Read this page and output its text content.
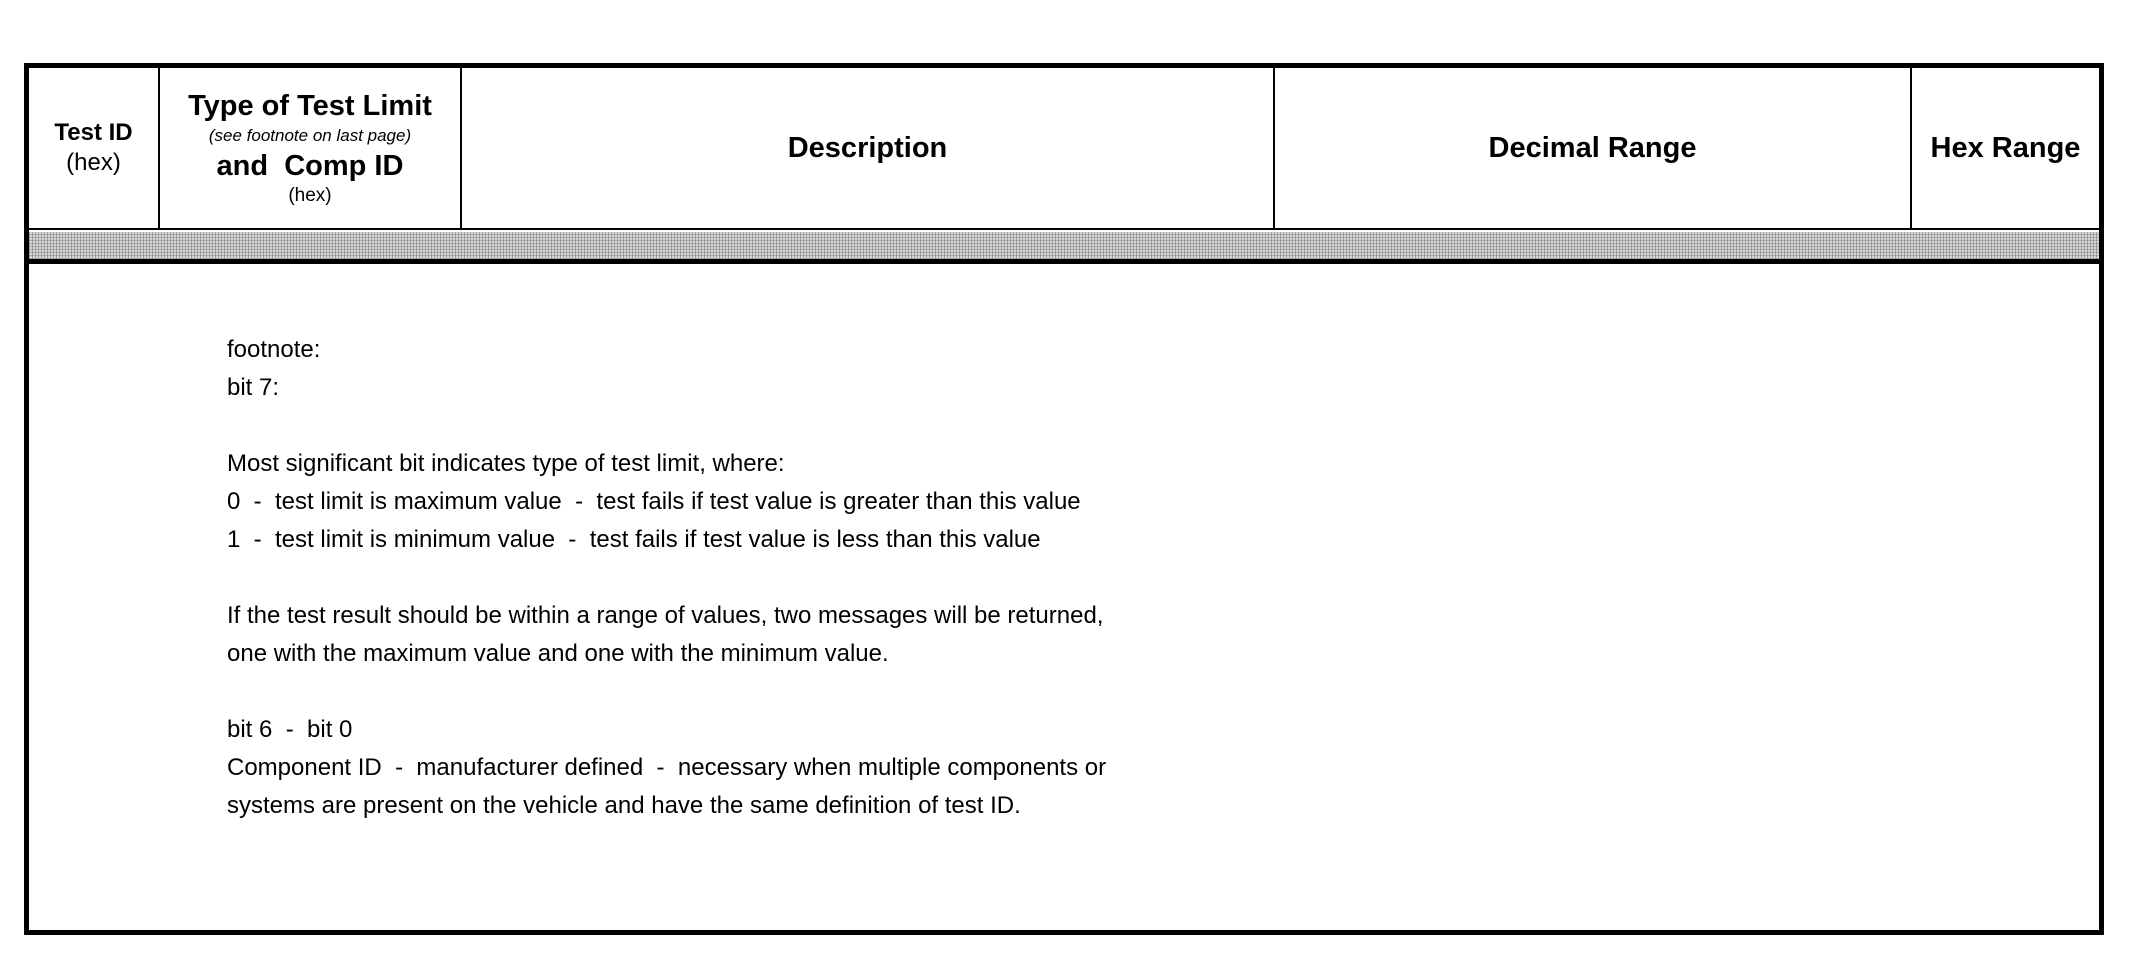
Test ID
(hex)
Type of Test Limit
(see footnote on last page)
and  Comp ID
(hex)
Description	Decimal Range	Hex Range
footnote:
bit 7:
Most significant bit indicates type of test limit, where:
0  -  test limit is maximum value  -  test fails if test value is greater than this value
1  -  test limit is minimum value  -  test fails if test value is less than this value
If the test result should be within a range of values, two messages will be returned,
one with the maximum value and one with the minimum value.
bit 6  -  bit 0
Component ID  -  manufacturer defined  -  necessary when multiple components or
systems are present on the vehicle and have the same definition of test ID.
